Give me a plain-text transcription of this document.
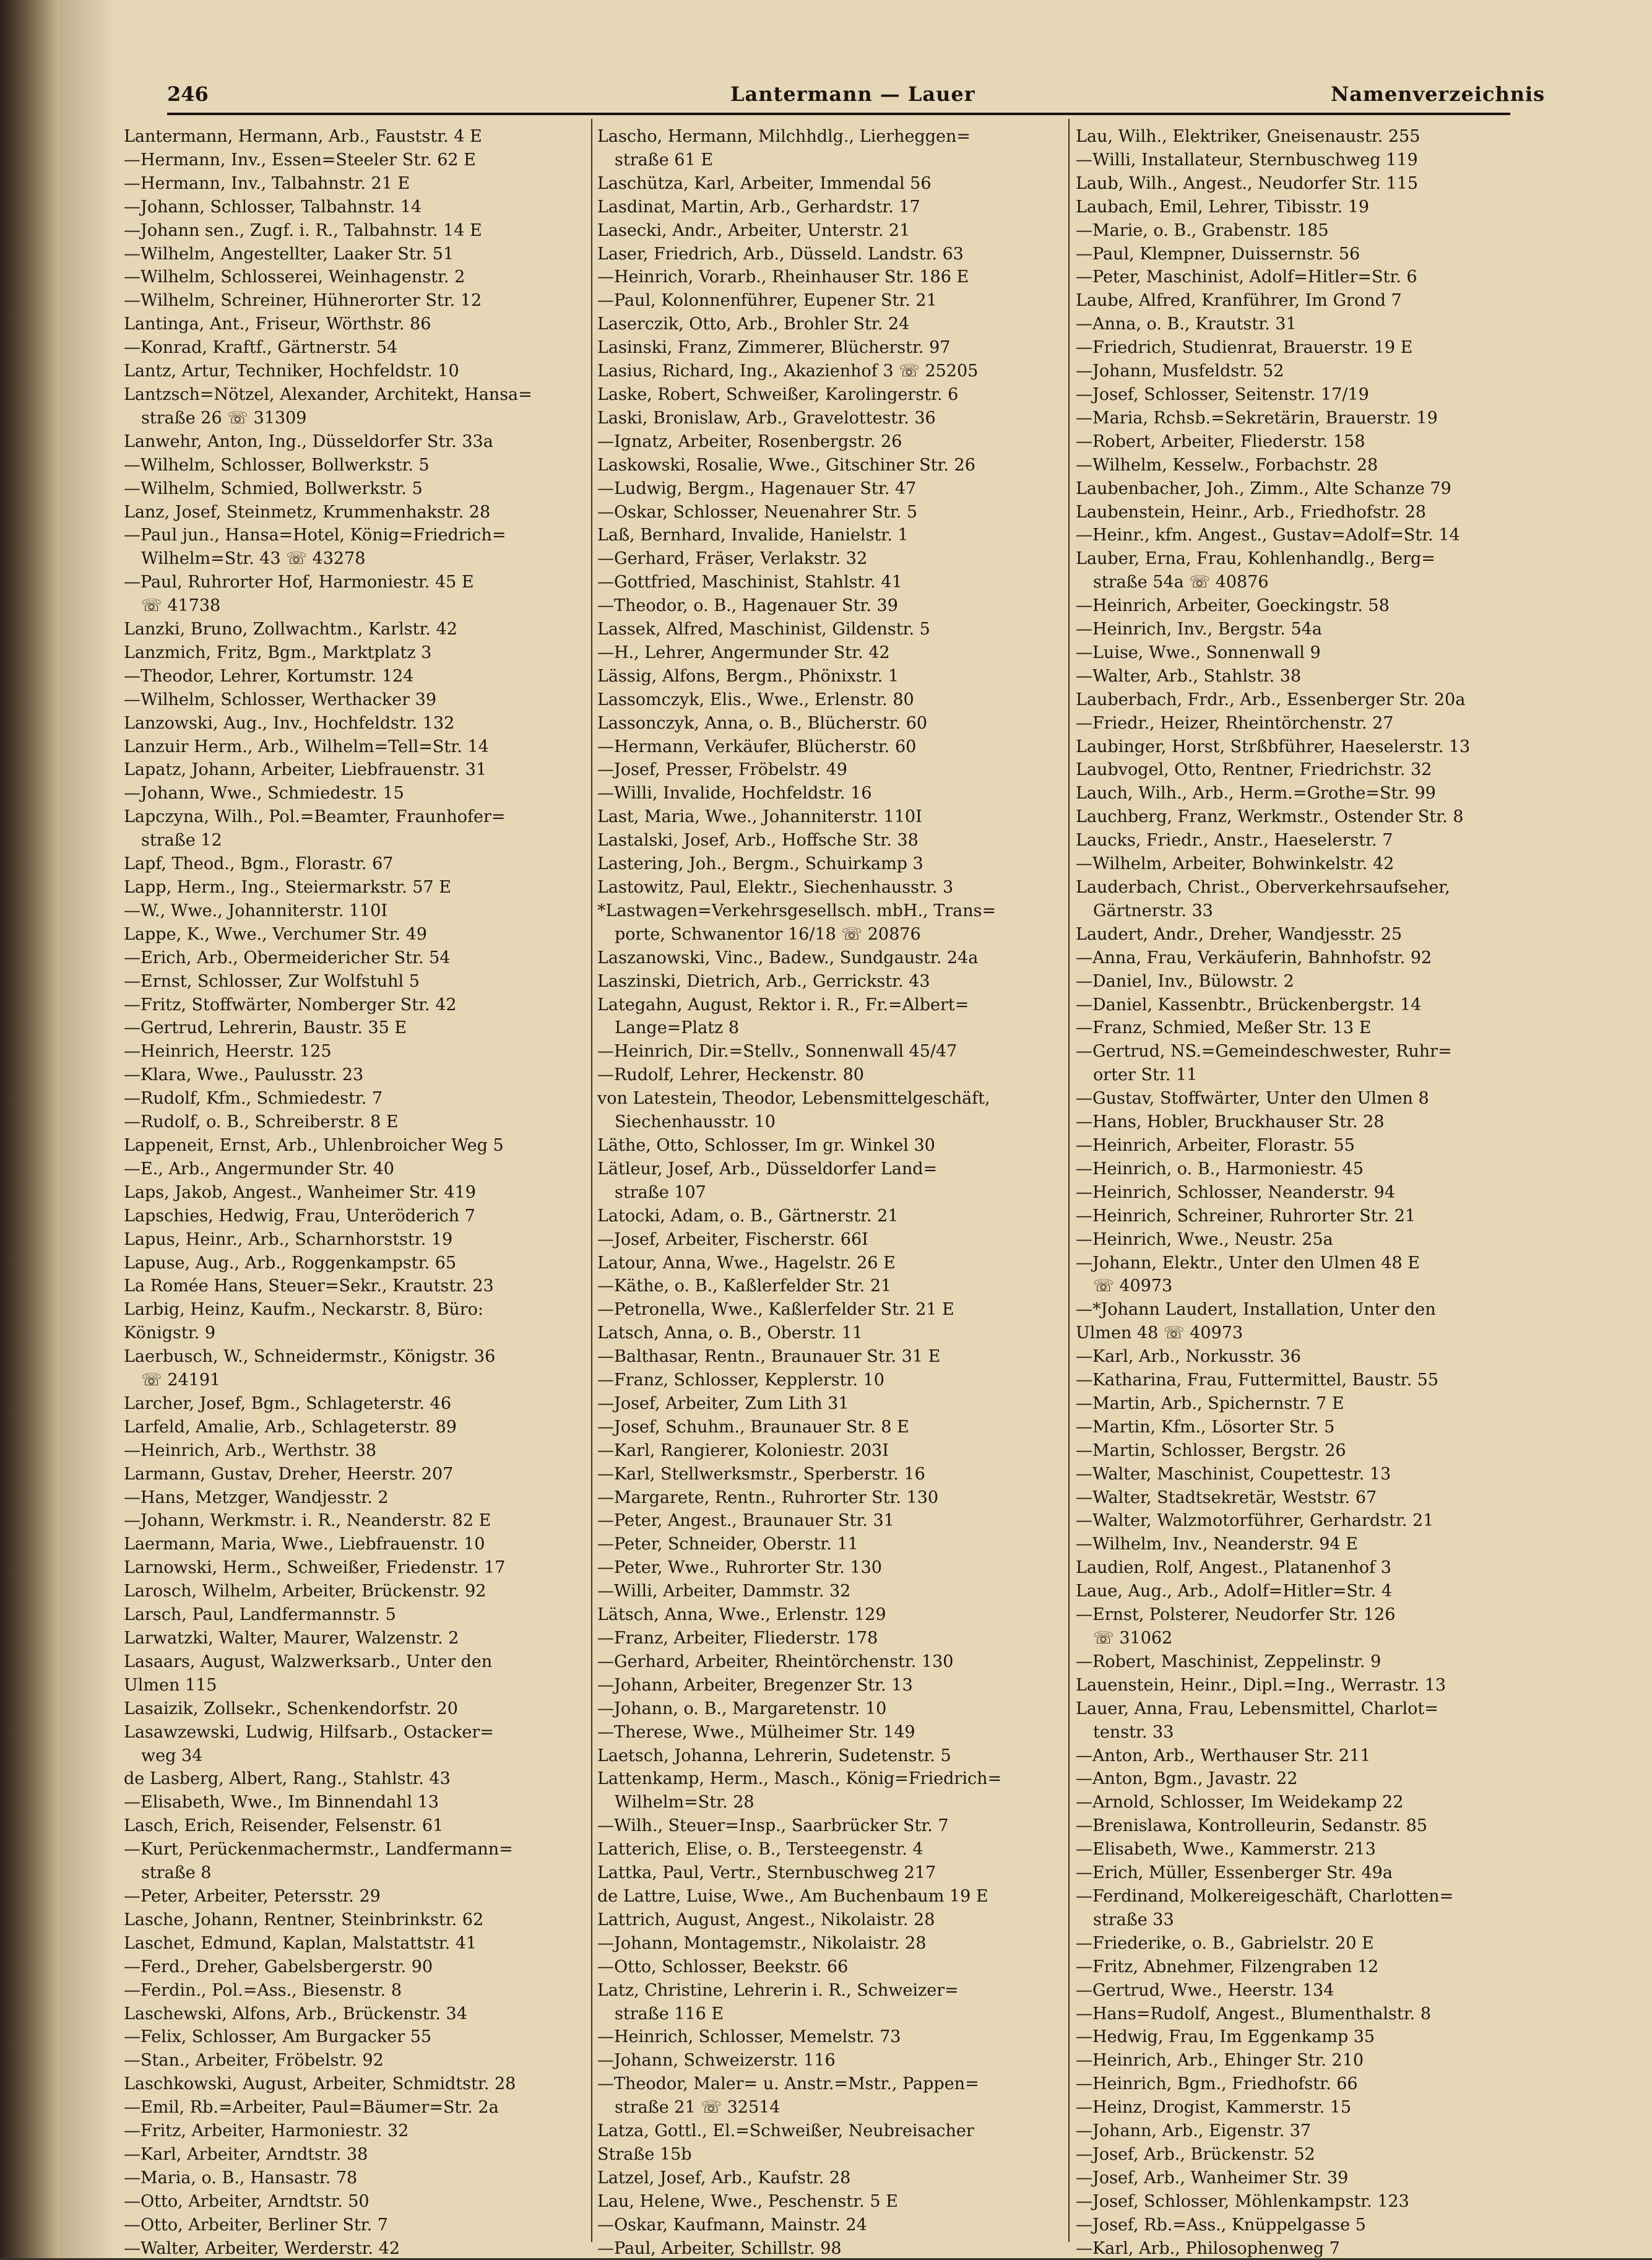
246	Lantermann — Lauer	Namenverzeichnis

Lantermann, Hermann, Arb., Fauststr. 4 E

—Hermann, Inv., Essen=Steeler Str. 62 E

—Hermann, Inv., Talbahnstr. 21 E

—Johann, Schlosser, Talbahnstr. 14

—Johann sen., Zugf. i. R., Talbahnstr. 14 E

—Wilhelm, Angestellter, Laaker Str. 51

—Wilhelm, Schlosserei, Weinhagenstr. 2

—Wilhelm, Schreiner, Hühnerorter Str. 12

Lantinga, Ant., Friseur, Wörthstr. 86

—Konrad, Kraftf., Gärtnerstr. 54

Lantz, Artur, Techniker, Hochfeldstr. 10

Lantzsch=Nötzel, Alexander, Architekt, Hansa=

straße 26 ☏ 31309

Lanwehr, Anton, Ing., Düsseldorfer Str. 33a

—Wilhelm, Schlosser, Bollwerkstr. 5

—Wilhelm, Schmied, Bollwerkstr. 5

Lanz, Josef, Steinmetz, Krummenhakstr. 28

—Paul jun., Hansa=Hotel, König=Friedrich=

Wilhelm=Str. 43 ☏ 43278

—Paul, Ruhrorter Hof, Harmoniestr. 45 E

☏ 41738

Lanzki, Bruno, Zollwachtm., Karlstr. 42

Lanzmich, Fritz, Bgm., Marktplatz 3

—Theodor, Lehrer, Kortumstr. 124

—Wilhelm, Schlosser, Werthacker 39

Lanzowski, Aug., Inv., Hochfeldstr. 132

Lanzuir Herm., Arb., Wilhelm=Tell=Str. 14

Lapatz, Johann, Arbeiter, Liebfrauenstr. 31

—Johann, Wwe., Schmiedestr. 15

Lapczyna, Wilh., Pol.=Beamter, Fraunhofer=

straße 12

Lapf, Theod., Bgm., Florastr. 67

Lapp, Herm., Ing., Steiermarkstr. 57 E

—W., Wwe., Johanniterstr. 110I

Lappe, K., Wwe., Verchumer Str. 49

—Erich, Arb., Obermeidericher Str. 54

—Ernst, Schlosser, Zur Wolfstuhl 5

—Fritz, Stoffwärter, Nomberger Str. 42

—Gertrud, Lehrerin, Baustr. 35 E

—Heinrich, Heerstr. 125

—Klara, Wwe., Paulusstr. 23

—Rudolf, Kfm., Schmiedestr. 7

—Rudolf, o. B., Schreiberstr. 8 E

Lappeneit, Ernst, Arb., Uhlenbroicher Weg 5

—E., Arb., Angermunder Str. 40

Laps, Jakob, Angest., Wanheimer Str. 419

Lapschies, Hedwig, Frau, Unteröderich 7

Lapus, Heinr., Arb., Scharnhorststr. 19

Lapuse, Aug., Arb., Roggenkampstr. 65

La Romée Hans, Steuer=Sekr., Krautstr. 23

Larbig, Heinz, Kaufm., Neckarstr. 8, Büro:

Königstr. 9

Laerbusch, W., Schneidermstr., Königstr. 36

☏ 24191

Larcher, Josef, Bgm., Schlageterstr. 46

Larfeld, Amalie, Arb., Schlageterstr. 89

—Heinrich, Arb., Werthstr. 38

Larmann, Gustav, Dreher, Heerstr. 207

—Hans, Metzger, Wandjesstr. 2

—Johann, Werkmstr. i. R., Neanderstr. 82 E

Laermann, Maria, Wwe., Liebfrauenstr. 10

Larnowski, Herm., Schweißer, Friedenstr. 17

Larosch, Wilhelm, Arbeiter, Brückenstr. 92

Larsch, Paul, Landfermannstr. 5

Larwatzki, Walter, Maurer, Walzenstr. 2

Lasaars, August, Walzwerksarb., Unter den

Ulmen 115

Lasaizik, Zollsekr., Schenkendorfstr. 20

Lasawzewski, Ludwig, Hilfsarb., Ostacker=

weg 34

de Lasberg, Albert, Rang., Stahlstr. 43

—Elisabeth, Wwe., Im Binnendahl 13

Lasch, Erich, Reisender, Felsenstr. 61

—Kurt, Perückenmachermstr., Landfermann=

straße 8

—Peter, Arbeiter, Petersstr. 29

Lasche, Johann, Rentner, Steinbrinkstr. 62

Laschet, Edmund, Kaplan, Malstattstr. 41

—Ferd., Dreher, Gabelsbergerstr. 90

—Ferdin., Pol.=Ass., Biesenstr. 8

Laschewski, Alfons, Arb., Brückenstr. 34

—Felix, Schlosser, Am Burgacker 55

—Stan., Arbeiter, Fröbelstr. 92

Laschkowski, August, Arbeiter, Schmidtstr. 28

—Emil, Rb.=Arbeiter, Paul=Bäumer=Str. 2a

—Fritz, Arbeiter, Harmoniestr. 32

—Karl, Arbeiter, Arndtstr. 38

—Maria, o. B., Hansastr. 78

—Otto, Arbeiter, Arndtstr. 50

—Otto, Arbeiter, Berliner Str. 7

—Walter, Arbeiter, Werderstr. 42

Lascho, Hermann, Milchhdlg., Lierheggen=

straße 61 E

Laschütza, Karl, Arbeiter, Immendal 56

Lasdinat, Martin, Arb., Gerhardstr. 17

Lasecki, Andr., Arbeiter, Unterstr. 21

Laser, Friedrich, Arb., Düsseld. Landstr. 63

—Heinrich, Vorarb., Rheinhauser Str. 186 E

—Paul, Kolonnenführer, Eupener Str. 21

Laserczik, Otto, Arb., Brohler Str. 24

Lasinski, Franz, Zimmerer, Blücherstr. 97

Lasius, Richard, Ing., Akazienhof 3 ☏ 25205

Laske, Robert, Schweißer, Karolingerstr. 6

Laski, Bronislaw, Arb., Gravelottestr. 36

—Ignatz, Arbeiter, Rosenbergstr. 26

Laskowski, Rosalie, Wwe., Gitschiner Str. 26

—Ludwig, Bergm., Hagenauer Str. 47

—Oskar, Schlosser, Neuenahrer Str. 5

Laß, Bernhard, Invalide, Hanielstr. 1

—Gerhard, Fräser, Verlakstr. 32

—Gottfried, Maschinist, Stahlstr. 41

—Theodor, o. B., Hagenauer Str. 39

Lassek, Alfred, Maschinist, Gildenstr. 5

—H., Lehrer, Angermunder Str. 42

Lässig, Alfons, Bergm., Phönixstr. 1

Lassomczyk, Elis., Wwe., Erlenstr. 80

Lassonczyk, Anna, o. B., Blücherstr. 60

—Hermann, Verkäufer, Blücherstr. 60

—Josef, Presser, Fröbelstr. 49

—Willi, Invalide, Hochfeldstr. 16

Last, Maria, Wwe., Johanniterstr. 110I

Lastalski, Josef, Arb., Hoffsche Str. 38

Lastering, Joh., Bergm., Schuirkamp 3

Lastowitz, Paul, Elektr., Siechenhausstr. 3

*Lastwagen=Verkehrsgesellsch. mbH., Trans=

porte, Schwanentor 16/18 ☏ 20876

Laszanowski, Vinc., Badew., Sundgaustr. 24a

Laszinski, Dietrich, Arb., Gerrickstr. 43

Lategahn, August, Rektor i. R., Fr.=Albert=

Lange=Platz 8

—Heinrich, Dir.=Stellv., Sonnenwall 45/47

—Rudolf, Lehrer, Heckenstr. 80

von Latestein, Theodor, Lebensmittelgeschäft,

Siechenhausstr. 10

Läthe, Otto, Schlosser, Im gr. Winkel 30

Lätleur, Josef, Arb., Düsseldorfer Land=

straße 107

Latocki, Adam, o. B., Gärtnerstr. 21

—Josef, Arbeiter, Fischerstr. 66I

Latour, Anna, Wwe., Hagelstr. 26 E

—Käthe, o. B., Kaßlerfelder Str. 21

—Petronella, Wwe., Kaßlerfelder Str. 21 E

Latsch, Anna, o. B., Oberstr. 11

—Balthasar, Rentn., Braunauer Str. 31 E

—Franz, Schlosser, Kepplerstr. 10

—Josef, Arbeiter, Zum Lith 31

—Josef, Schuhm., Braunauer Str. 8 E

—Karl, Rangierer, Koloniestr. 203I

—Karl, Stellwerksmstr., Sperberstr. 16

—Margarete, Rentn., Ruhrorter Str. 130

—Peter, Angest., Braunauer Str. 31

—Peter, Schneider, Oberstr. 11

—Peter, Wwe., Ruhrorter Str. 130

—Willi, Arbeiter, Dammstr. 32

Lätsch, Anna, Wwe., Erlenstr. 129

—Franz, Arbeiter, Fliederstr. 178

—Gerhard, Arbeiter, Rheintörchenstr. 130

—Johann, Arbeiter, Bregenzer Str. 13

—Johann, o. B., Margaretenstr. 10

—Therese, Wwe., Mülheimer Str. 149

Laetsch, Johanna, Lehrerin, Sudetenstr. 5

Lattenkamp, Herm., Masch., König=Friedrich=

Wilhelm=Str. 28

—Wilh., Steuer=Insp., Saarbrücker Str. 7

Latterich, Elise, o. B., Tersteegenstr. 4

Lattka, Paul, Vertr., Sternbuschweg 217

de Lattre, Luise, Wwe., Am Buchenbaum 19 E

Lattrich, August, Angest., Nikolaistr. 28

—Johann, Montagemstr., Nikolaistr. 28

—Otto, Schlosser, Beekstr. 66

Latz, Christine, Lehrerin i. R., Schweizer=

straße 116 E

—Heinrich, Schlosser, Memelstr. 73

—Johann, Schweizerstr. 116

—Theodor, Maler= u. Anstr.=Mstr., Pappen=

straße 21 ☏ 32514

Latza, Gottl., El.=Schweißer, Neubreisacher

Straße 15b

Latzel, Josef, Arb., Kaufstr. 28

Lau, Helene, Wwe., Peschenstr. 5 E

—Oskar, Kaufmann, Mainstr. 24

—Paul, Arbeiter, Schillstr. 98

Lau, Wilh., Elektriker, Gneisenaustr. 255

—Willi, Installateur, Sternbuschweg 119

Laub, Wilh., Angest., Neudorfer Str. 115

Laubach, Emil, Lehrer, Tibisstr. 19

—Marie, o. B., Grabenstr. 185

—Paul, Klempner, Duissernstr. 56

—Peter, Maschinist, Adolf=Hitler=Str. 6

Laube, Alfred, Kranführer, Im Grond 7

—Anna, o. B., Krautstr. 31

—Friedrich, Studienrat, Brauerstr. 19 E

—Johann, Musfeldstr. 52

—Josef, Schlosser, Seitenstr. 17/19

—Maria, Rchsb.=Sekretärin, Brauerstr. 19

—Robert, Arbeiter, Fliederstr. 158

—Wilhelm, Kesselw., Forbachstr. 28

Laubenbacher, Joh., Zimm., Alte Schanze 79

Laubenstein, Heinr., Arb., Friedhofstr. 28

—Heinr., kfm. Angest., Gustav=Adolf=Str. 14

Lauber, Erna, Frau, Kohlenhandlg., Berg=

straße 54a ☏ 40876

—Heinrich, Arbeiter, Goeckingstr. 58

—Heinrich, Inv., Bergstr. 54a

—Luise, Wwe., Sonnenwall 9

—Walter, Arb., Stahlstr. 38

Lauberbach, Frdr., Arb., Essenberger Str. 20a

—Friedr., Heizer, Rheintörchenstr. 27

Laubinger, Horst, Strßbführer, Haeselerstr. 13

Laubvogel, Otto, Rentner, Friedrichstr. 32

Lauch, Wilh., Arb., Herm.=Grothe=Str. 99

Lauchberg, Franz, Werkmstr., Ostender Str. 8

Laucks, Friedr., Anstr., Haeselerstr. 7

—Wilhelm, Arbeiter, Bohwinkelstr. 42

Lauderbach, Christ., Oberverkehrsaufseher,

Gärtnerstr. 33

Laudert, Andr., Dreher, Wandjesstr. 25

—Anna, Frau, Verkäuferin, Bahnhofstr. 92

—Daniel, Inv., Bülowstr. 2

—Daniel, Kassenbtr., Brückenbergstr. 14

—Franz, Schmied, Meßer Str. 13 E

—Gertrud, NS.=Gemeindeschwester, Ruhr=

orter Str. 11

—Gustav, Stoffwärter, Unter den Ulmen 8

—Hans, Hobler, Bruckhauser Str. 28

—Heinrich, Arbeiter, Florastr. 55

—Heinrich, o. B., Harmoniestr. 45

—Heinrich, Schlosser, Neanderstr. 94

—Heinrich, Schreiner, Ruhrorter Str. 21

—Heinrich, Wwe., Neustr. 25a

—Johann, Elektr., Unter den Ulmen 48 E

☏ 40973

—*Johann Laudert, Installation, Unter den

Ulmen 48 ☏ 40973

—Karl, Arb., Norkusstr. 36

—Katharina, Frau, Futtermittel, Baustr. 55

—Martin, Arb., Spichernstr. 7 E

—Martin, Kfm., Lösorter Str. 5

—Martin, Schlosser, Bergstr. 26

—Walter, Maschinist, Coupettestr. 13

—Walter, Stadtsekretär, Weststr. 67

—Walter, Walzmotorführer, Gerhardstr. 21

—Wilhelm, Inv., Neanderstr. 94 E

Laudien, Rolf, Angest., Platanenhof 3

Laue, Aug., Arb., Adolf=Hitler=Str. 4

—Ernst, Polsterer, Neudorfer Str. 126

☏ 31062

—Robert, Maschinist, Zeppelinstr. 9

Lauenstein, Heinr., Dipl.=Ing., Werrastr. 13

Lauer, Anna, Frau, Lebensmittel, Charlot=

tenstr. 33

—Anton, Arb., Werthauser Str. 211

—Anton, Bgm., Javastr. 22

—Arnold, Schlosser, Im Weidekamp 22

—Brenislawa, Kontrolleurin, Sedanstr. 85

—Elisabeth, Wwe., Kammerstr. 213

—Erich, Müller, Essenberger Str. 49a

—Ferdinand, Molkereigeschäft, Charlotten=

straße 33

—Friederike, o. B., Gabrielstr. 20 E

—Fritz, Abnehmer, Filzengraben 12

—Gertrud, Wwe., Heerstr. 134

—Hans=Rudolf, Angest., Blumenthalstr. 8

—Hedwig, Frau, Im Eggenkamp 35

—Heinrich, Arb., Ehinger Str. 210

—Heinrich, Bgm., Friedhofstr. 66

—Heinz, Drogist, Kammerstr. 15

—Johann, Arb., Eigenstr. 37

—Josef, Arb., Brückenstr. 52

—Josef, Arb., Wanheimer Str. 39

—Josef, Schlosser, Möhlenkampstr. 123

—Josef, Rb.=Ass., Knüppelgasse 5

—Karl, Arb., Philosophenweg 7
